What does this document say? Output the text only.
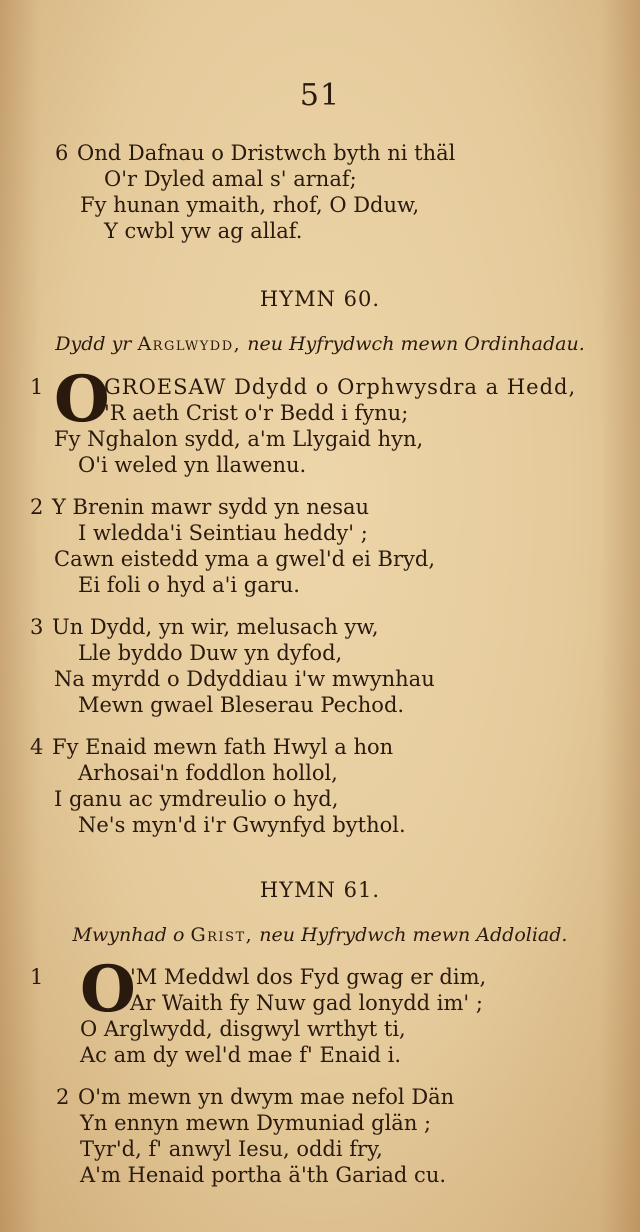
51
6 Ond Dafnau o Dristwch byth ni thäl
O'r Dyled amal s' arnaf;
Fy hunan ymaith, rhof, O Dduw,
Y cwbl yw ag allaf.
HYMN 60.
Dydd yr Arglwydd, neu Hyfrydwch mewn Ordinhadau.
1 O
GROESAW Ddydd o Orphwysdra a Hedd,
'R aeth Crist o'r Bedd i fynu;
Fy Nghalon sydd, a'm Llygaid hyn,
O'i weled yn llawenu.
2 Y Brenin mawr sydd yn nesau
I wledda'i Seintiau heddy' ;
Cawn eistedd yma a gwel'd ei Bryd,
Ei foli o hyd a'i garu.
3 Un Dydd, yn wir, melusach yw,
Lle byddo Duw yn dyfod,
Na myrdd o Ddyddiau i'w mwynhau
Mewn gwael Bleserau Pechod.
4 Fy Enaid mewn fath Hwyl a hon
Arhosai'n foddlon hollol,
I ganu ac ymdreulio o hyd,
Ne's myn'd i'r Gwynfyd bythol.
HYMN 61.
Mwynhad o Grist, neu Hyfrydwch mewn Addoliad.
1 O
'M Meddwl dos Fyd gwag er dim,
Ar Waith fy Nuw gad lonydd im' ;
O Arglwydd, disgwyl wrthyt ti,
Ac am dy wel'd mae f' Enaid i.
2 O'm mewn yn dwym mae nefol Dän
Yn ennyn mewn Dymuniad glän ;
Tyr'd, f' anwyl Iesu, oddi fry,
A'm Henaid portha ä'th Gariad cu.
